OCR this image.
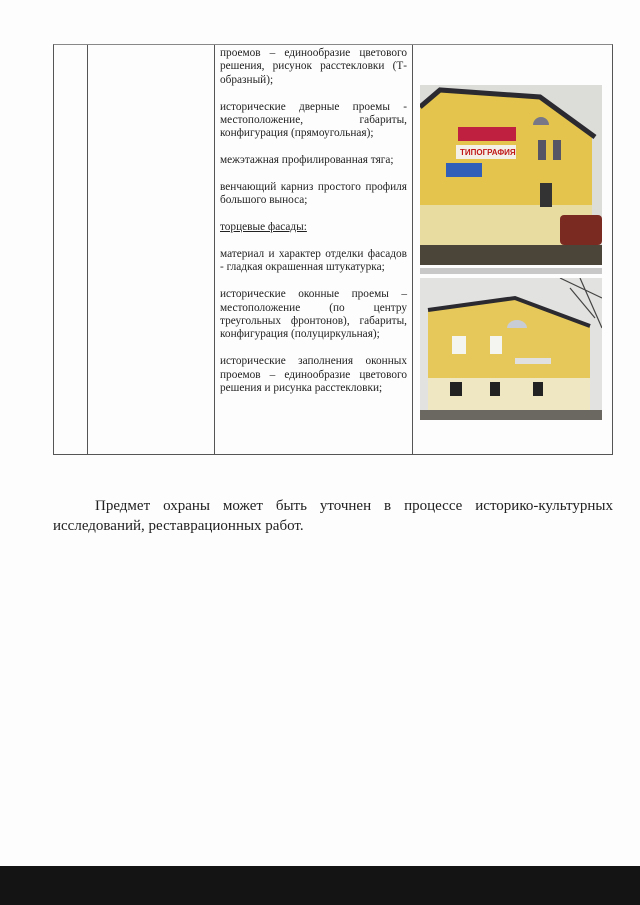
проемов – единообразие цветового решения, рисунок расстекловки (Т-образный);

исторические дверные проемы - местоположение, габариты, конфигурация (прямоугольная);

межэтажная профилированная тяга;

венчающий карниз простого профиля большого выноса;

торцевые фасады:

материал и характер отделки фасадов - гладкая окрашенная штукатурка;

исторические оконные проемы – местоположение (по центру треугольных фронтонов), габариты, конфигурация (полуциркульная);

исторические заполнения оконных проемов – единообразие цветового решения и рисунка расстекловки;

ТИПОГРАФИЯ

Предмет охраны может быть уточнен в процессе историко-культурных исследований, реставрационных работ.
